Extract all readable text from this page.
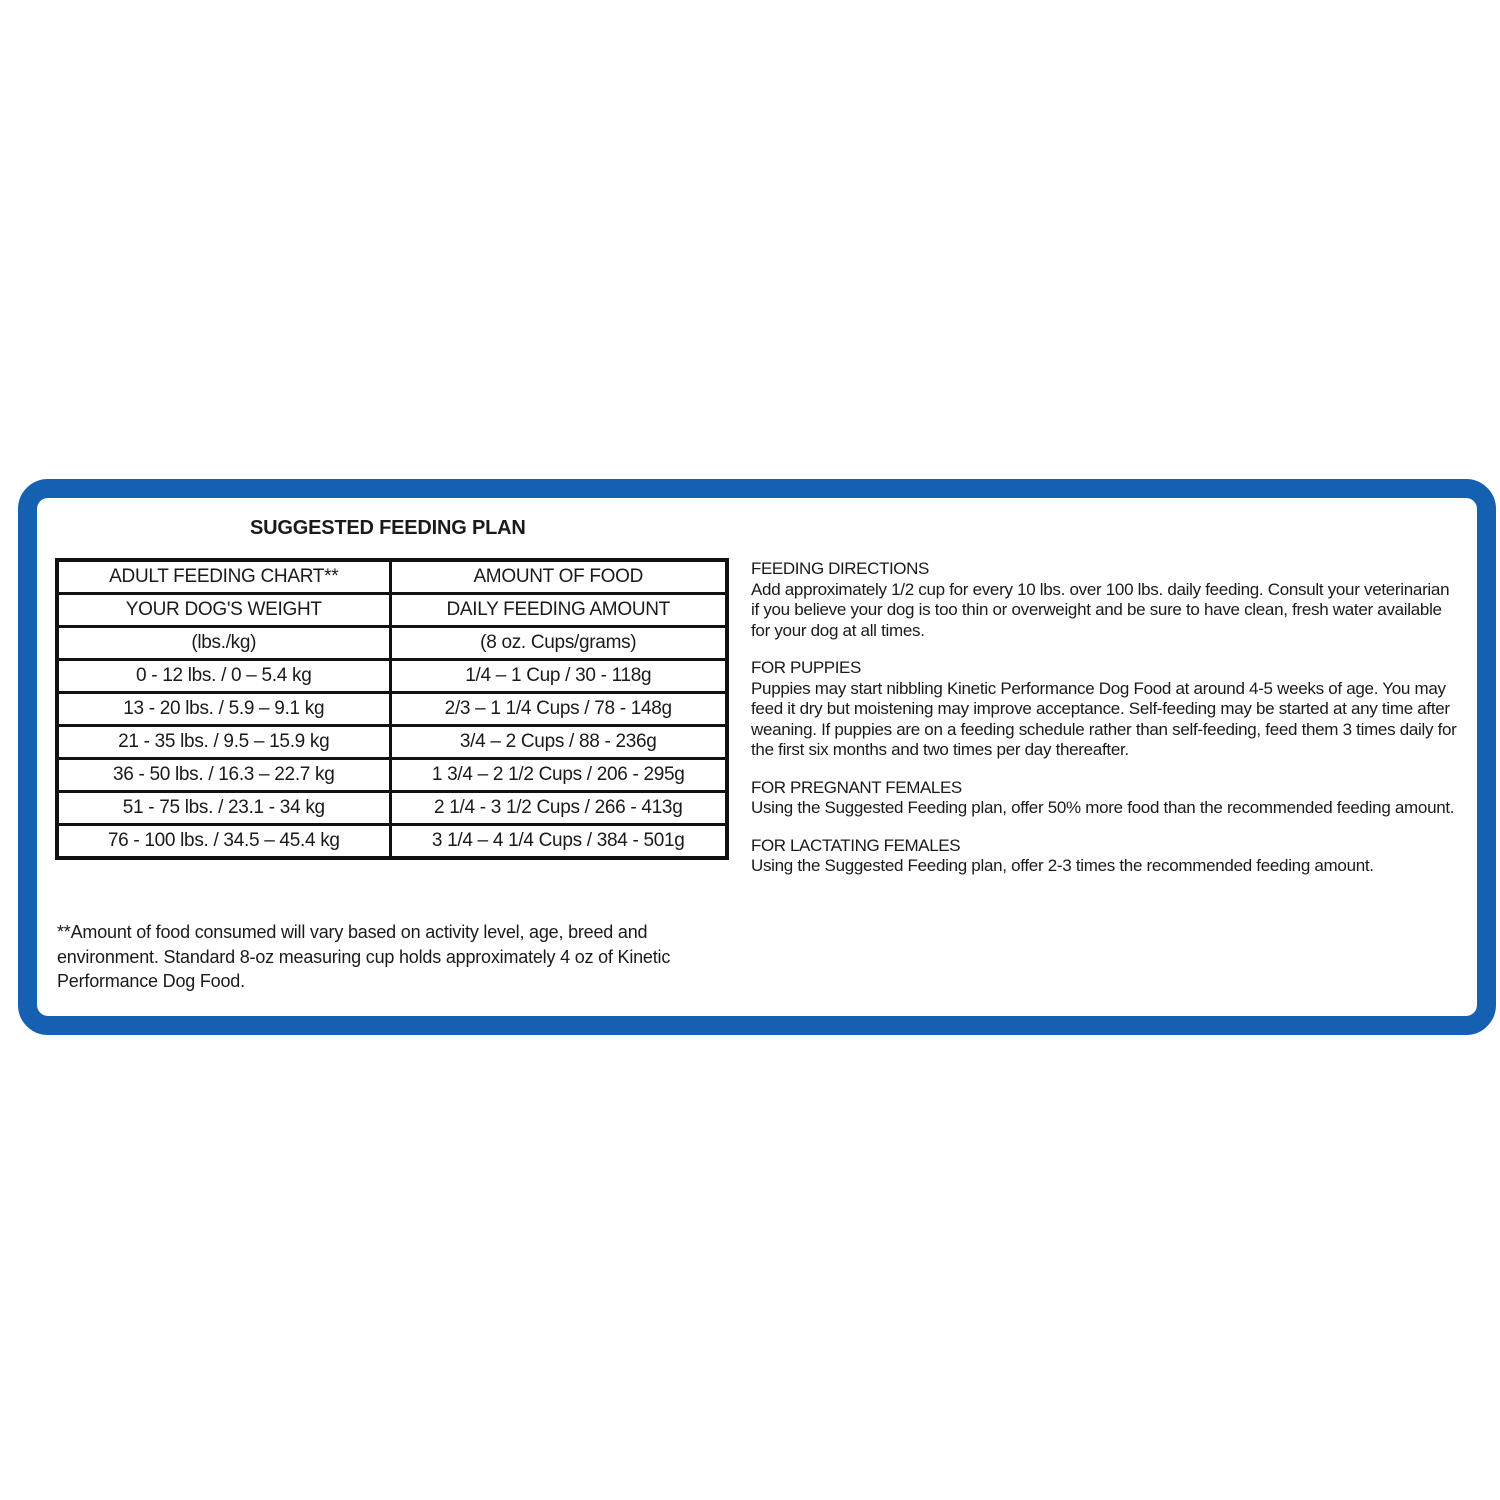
SUGGESTED FEEDING PLAN
ADULT FEEDING CHART**	AMOUNT OF FOOD
YOUR DOG'S WEIGHT	DAILY FEEDING AMOUNT
(lbs./kg)	(8 oz. Cups/grams)
0 - 12 lbs. / 0 – 5.4 kg	1/4 – 1 Cup / 30 - 118g
13 - 20 lbs. / 5.9 – 9.1 kg	2/3 – 1 1/4 Cups / 78 - 148g
21 - 35 lbs. / 9.5 – 15.9 kg	3/4 – 2 Cups / 88 - 236g
36 - 50 lbs. / 16.3 – 22.7 kg	1 3/4 – 2 1/2 Cups / 206 - 295g
51 - 75 lbs. / 23.1 - 34 kg	2 1/4 - 3 1/2 Cups / 266 - 413g
76 - 100 lbs. / 34.5 – 45.4 kg	3 1/4 – 4 1/4 Cups / 384 - 501g
**Amount of food consumed will vary based on activity level, age, breed and environment. Standard 8-oz measuring cup holds approximately 4 oz of Kinetic Performance Dog Food.
FEEDING DIRECTIONS

Add approximately 1/2 cup for every 10 lbs. over 100 lbs. daily feeding. Consult your veterinarian if you believe your dog is too thin or overweight and be sure to have clean, fresh water available for your dog at all times.

FOR PUPPIES

Puppies may start nibbling Kinetic Performance Dog Food at around 4-5 weeks of age. You may feed it dry but moistening may improve acceptance. Self-feeding may be started at any time after weaning. If puppies are on a feeding schedule rather than self-feeding, feed them 3 times daily for the first six months and two times per day thereafter.

FOR PREGNANT FEMALES

Using the Suggested Feeding plan, offer 50% more food than the recommended feeding amount.

FOR LACTATING FEMALES

Using the Suggested Feeding plan, offer 2-3 times the recommended feeding amount.
